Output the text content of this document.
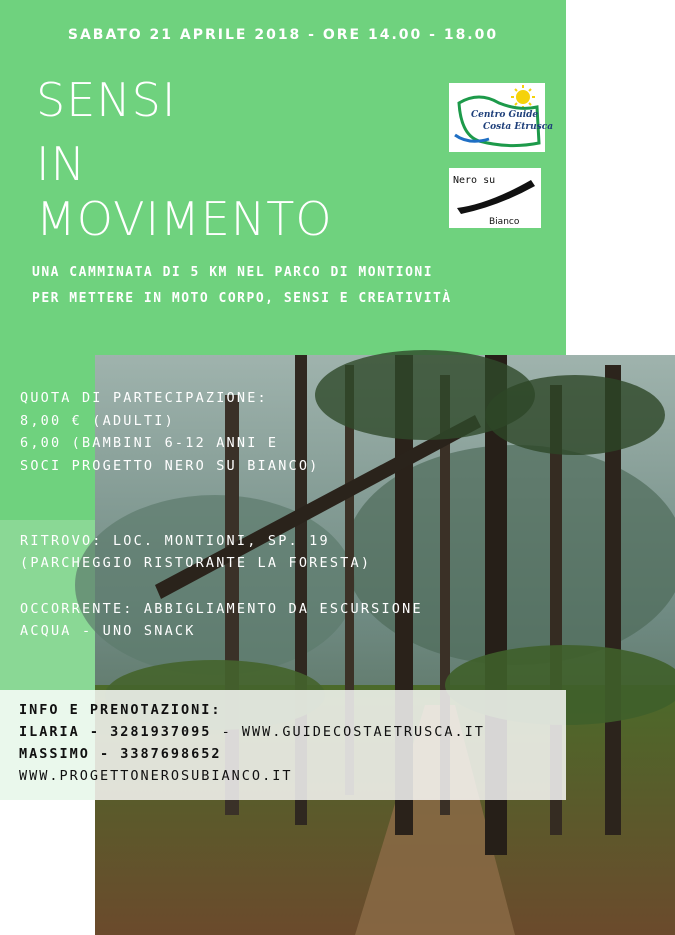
SABATO 21 APRILE 2018 - ORE 14.00 - 18.00
SENSI
IN
MOVIMENTO
UNA CAMMINATA DI 5 KM NEL PARCO DI MONTIONI
PER METTERE IN MOTO CORPO, SENSI E CREATIVITÀ
QUOTA DI PARTECIPAZIONE:
8,00 € (ADULTI)
6,00 (BAMBINI 6-12 ANNI E
SOCI PROGETTO NERO SU BIANCO)
RITROVO: LOC. MONTIONI, SP. 19
(PARCHEGGIO RISTORANTE LA FORESTA)
OCCORRENTE: ABBIGLIAMENTO DA ESCURSIONE
ACQUA - UNO SNACK
INFO E PRENOTAZIONI:
ILARIA - 3281937095 - WWW.GUIDECOSTAETRUSCA.IT
MASSIMO - 3387698652
WWW.PROGETTONEROSUBIANCO.IT
Centro Guide
Costa Etrusca
Nero su
Bianco
